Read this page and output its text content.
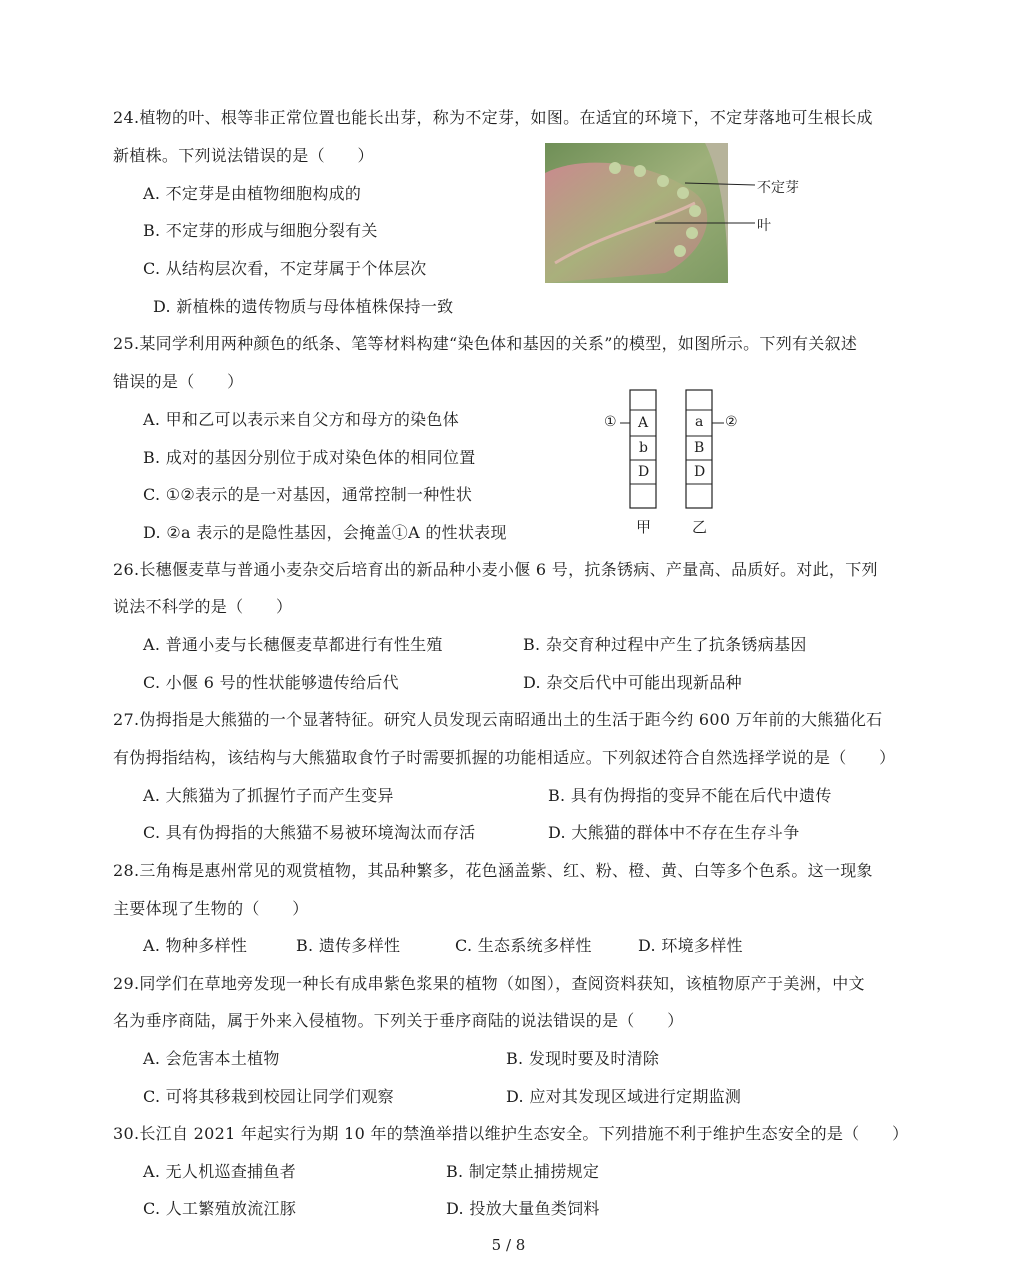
24.植物的叶、根等非正常位置也能长出芽，称为不定芽，如图。在适宜的环境下，不定芽落地可生根长成
新植株。下列说法错误的是（　　）
A. 不定芽是由植物细胞构成的
B. 不定芽的形成与细胞分裂有关
C. 从结构层次看，不定芽属于个体层次
D. 新植株的遗传物质与母体植株保持一致
不定芽
叶
25.某同学利用两种颜色的纸条、笔等材料构建“染色体和基因的关系”的模型，如图所示。下列有关叙述
错误的是（　　）
A. 甲和乙可以表示来自父方和母方的染色体
B. 成对的基因分别位于成对染色体的相同位置
C. ①②表示的是一对基因，通常控制一种性状
D. ②a 表示的是隐性基因，会掩盖①A 的性状表现
①	②
A
b
D
a
B
D
甲	乙
26.长穗偃麦草与普通小麦杂交后培育出的新品种小麦小偃 6 号，抗条锈病、产量高、品质好。对此，下列
说法不科学的是（　　）
A. 普通小麦与长穗偃麦草都进行有性生殖	B. 杂交育种过程中产生了抗条锈病基因
C. 小偃 6 号的性状能够遗传给后代	D. 杂交后代中可能出现新品种
27.伪拇指是大熊猫的一个显著特征。研究人员发现云南昭通出土的生活于距今约 600 万年前的大熊猫化石
有伪拇指结构，该结构与大熊猫取食竹子时需要抓握的功能相适应。下列叙述符合自然选择学说的是（　　）
A. 大熊猫为了抓握竹子而产生变异	B. 具有伪拇指的变异不能在后代中遗传
C. 具有伪拇指的大熊猫不易被环境淘汰而存活	D. 大熊猫的群体中不存在生存斗争
28.三角梅是惠州常见的观赏植物，其品种繁多，花色涵盖紫、红、粉、橙、黄、白等多个色系。这一现象
主要体现了生物的（　　）
A. 物种多样性	B. 遗传多样性	C. 生态系统多样性	D. 环境多样性
29.同学们在草地旁发现一种长有成串紫色浆果的植物（如图），查阅资料获知，该植物原产于美洲，中文
名为垂序商陆，属于外来入侵植物。下列关于垂序商陆的说法错误的是（　　）
A. 会危害本土植物	B. 发现时要及时清除
C. 可将其移栽到校园让同学们观察	D. 应对其发现区域进行定期监测
30.长江自 2021 年起实行为期 10 年的禁渔举措以维护生态安全。下列措施不利于维护生态安全的是（　　）
A. 无人机巡查捕鱼者	B. 制定禁止捕捞规定
C. 人工繁殖放流江豚	D. 投放大量鱼类饲料
5 / 8
